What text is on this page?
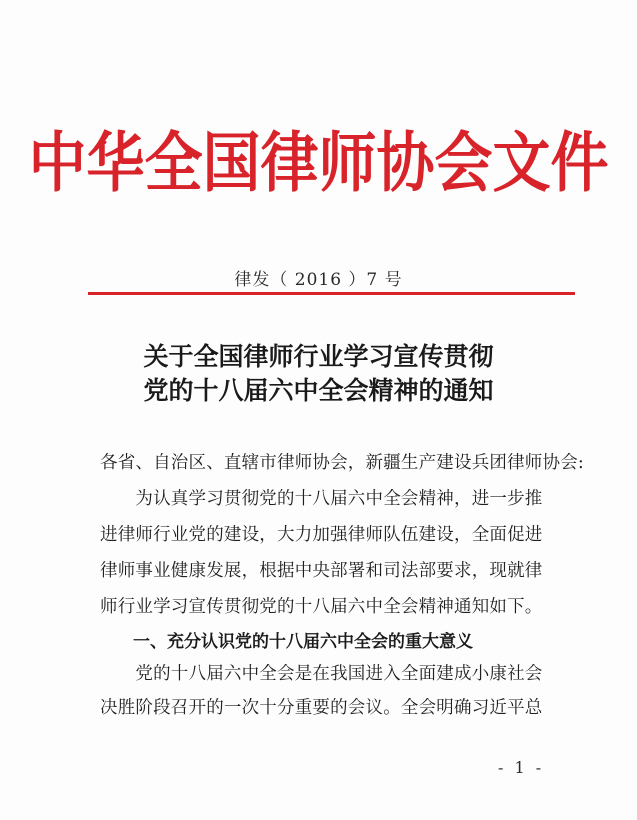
中华全国律师协会文件
律发（ 2016 ）7 号
关于全国律师行业学习宣传贯彻
党的十八届六中全会精神的通知
各省、自治区、直辖市律师协会，新疆生产建设兵团律师协会:
　　为认真学习贯彻党的十八届六中全会精神，进一步推
进律师行业党的建设，大力加强律师队伍建设，全面促进
律师事业健康发展，根据中央部署和司法部要求，现就律
师行业学习宣传贯彻党的十八届六中全会精神通知如下。
一、充分认识党的十八届六中全会的重大意义
　　党的十八届六中全会是在我国进入全面建成小康社会
决胜阶段召开的一次十分重要的会议。全会明确习近平总
- 1 -
